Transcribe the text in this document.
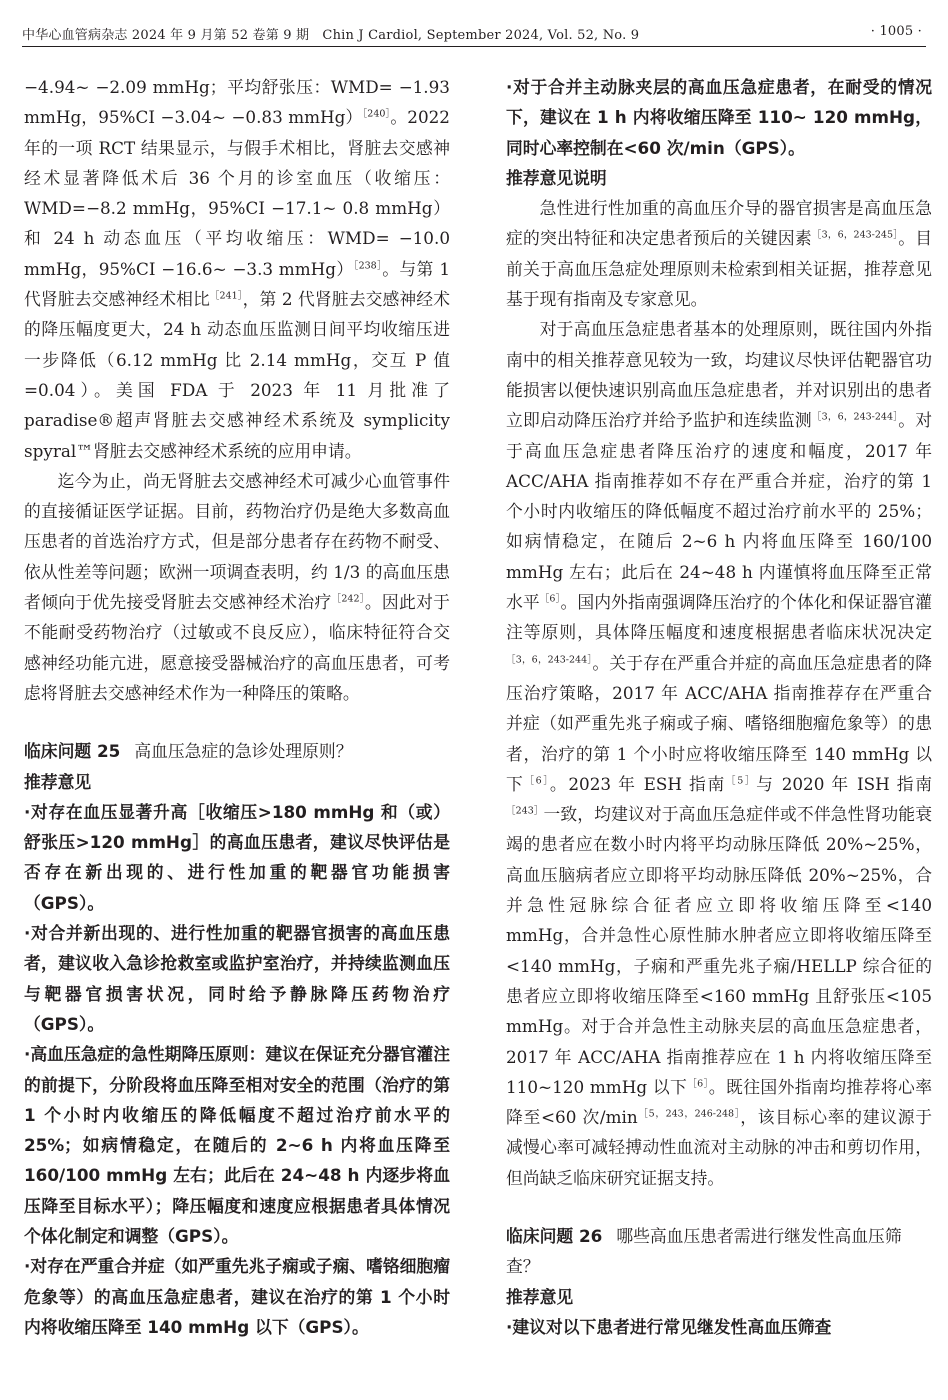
中华心血管病杂志 2024 年 9 月第 52 卷第 9 期　Chin J Cardiol, September 2024, Vol. 52, No. 9	· 1005 ·

−4.94~ −2.09 mmHg；平均舒张压：WMD= −1.93 mmHg，95%CI −3.04~ −0.83 mmHg）$^{[240]}$。2022 年的一项 RCT 结果显示，与假手术相比，肾脏去交感神经术显著降低术后 36 个月的诊室血压（收缩压：WMD=−8.2 mmHg，95%CI −17.1~ 0.8 mmHg）和 24 h 动态血压（平均收缩压：WMD= −10.0 mmHg，95%CI −16.6~ −3.3 mmHg）$^{[238]}$。与第 1 代肾脏去交感神经术相比$^{[241]}$，第 2 代肾脏去交感神经术的降压幅度更大，24 h 动态血压监测日间平均收缩压进一步降低（6.12 mmHg 比 2.14 mmHg，交互 P 值=0.04）。美国 FDA 于 2023 年 11 月批准了 paradise®超声肾脏去交感神经术系统及 symplicity spyral™肾脏去交感神经术系统的应用申请。

迄今为止，尚无肾脏去交感神经术可减少心血管事件的直接循证医学证据。目前，药物治疗仍是绝大多数高血压患者的首选治疗方式，但是部分患者存在药物不耐受、依从性差等问题；欧洲一项调查表明，约 1/3 的高血压患者倾向于优先接受肾脏去交感神经术治疗$^{[242]}$。因此对于不能耐受药物治疗（过敏或不良反应），临床特征符合交感神经功能亢进，愿意接受器械治疗的高血压患者，可考虑将肾脏去交感神经术作为一种降压的策略。

临床问题 25 高血压急症的急诊处理原则？
推荐意见

·对存在血压显著升高［收缩压>180 mmHg 和（或）舒张压>120 mmHg］的高血压患者，建议尽快评估是否存在新出现的、进行性加重的靶器官功能损害（GPS）。

·对合并新出现的、进行性加重的靶器官损害的高血压患者，建议收入急诊抢救室或监护室治疗，并持续监测血压与靶器官损害状况，同时给予静脉降压药物治疗（GPS）。

·高血压急症的急性期降压原则：建议在保证充分器官灌注的前提下，分阶段将血压降至相对安全的范围（治疗的第 1 个小时内收缩压的降低幅度不超过治疗前水平的 25%；如病情稳定，在随后的 2~6 h 内将血压降至 160/100 mmHg 左右；此后在 24~48 h 内逐步将血压降至目标水平）；降压幅度和速度应根据患者具体情况个体化制定和调整（GPS）。

·对存在严重合并症（如严重先兆子痫或子痫、嗜铬细胞瘤危象等）的高血压急症患者，建议在治疗的第 1 个小时内将收缩压降至 140 mmHg 以下（GPS）。

·对于合并主动脉夹层的高血压急症患者，在耐受的情况下，建议在 1 h 内将收缩压降至 110~ 120 mmHg，同时心率控制在<60 次/min（GPS）。

推荐意见说明

急性进行性加重的高血压介导的器官损害是高血压急症的突出特征和决定患者预后的关键因素$^{[3,6,243-245]}$。目前关于高血压急症处理原则未检索到相关证据，推荐意见基于现有指南及专家意见。

对于高血压急症患者基本的处理原则，既往国内外指南中的相关推荐意见较为一致，均建议尽快评估靶器官功能损害以便快速识别高血压急症患者，并对识别出的患者立即启动降压治疗并给予监护和连续监测$^{[3,6,243-244]}$。对于高血压急症患者降压治疗的速度和幅度，2017 年 ACC/AHA 指南推荐如不存在严重合并症，治疗的第 1 个小时内收缩压的降低幅度不超过治疗前水平的 25%；如病情稳定，在随后 2~6 h 内将血压降至 160/100 mmHg 左右；此后在 24~48 h 内谨慎将血压降至正常水平$^{[6]}$。国内外指南强调降压治疗的个体化和保证器官灌注等原则，具体降压幅度和速度根据患者临床状况决定$^{[3,6,243-244]}$。关于存在严重合并症的高血压急症患者的降压治疗策略，2017 年 ACC/AHA 指南推荐存在严重合并症（如严重先兆子痫或子痫、嗜铬细胞瘤危象等）的患者，治疗的第 1 个小时应将收缩压降至 140 mmHg 以下$^{[6]}$。2023 年 ESH 指南$^{[5]}$与 2020 年 ISH 指南$^{[243]}$一致，均建议对于高血压急症伴或不伴急性肾功能衰竭的患者应在数小时内将平均动脉压降低 20%~25%，高血压脑病者应立即将平均动脉压降低 20%~25%，合并急性冠脉综合征者应立即将收缩压降至<140 mmHg，合并急性心原性肺水肿者应立即将收缩压降至<140 mmHg，子痫和严重先兆子痫/HELLP 综合征的患者应立即将收缩压降至<160 mmHg 且舒张压<105 mmHg。对于合并急性主动脉夹层的高血压急症患者，2017 年 ACC/AHA 指南推荐应在 1 h 内将收缩压降至 110~120 mmHg 以下$^{[6]}$。既往国外指南均推荐将心率降至<60 次/min$^{[5,243,246-248]}$，该目标心率的建议源于减慢心率可减轻搏动性血流对主动脉的冲击和剪切作用，但尚缺乏临床研究证据支持。

临床问题 26 哪些高血压患者需进行继发性高血压筛查？
推荐意见

·建议对以下患者进行常见继发性高血压筛查
